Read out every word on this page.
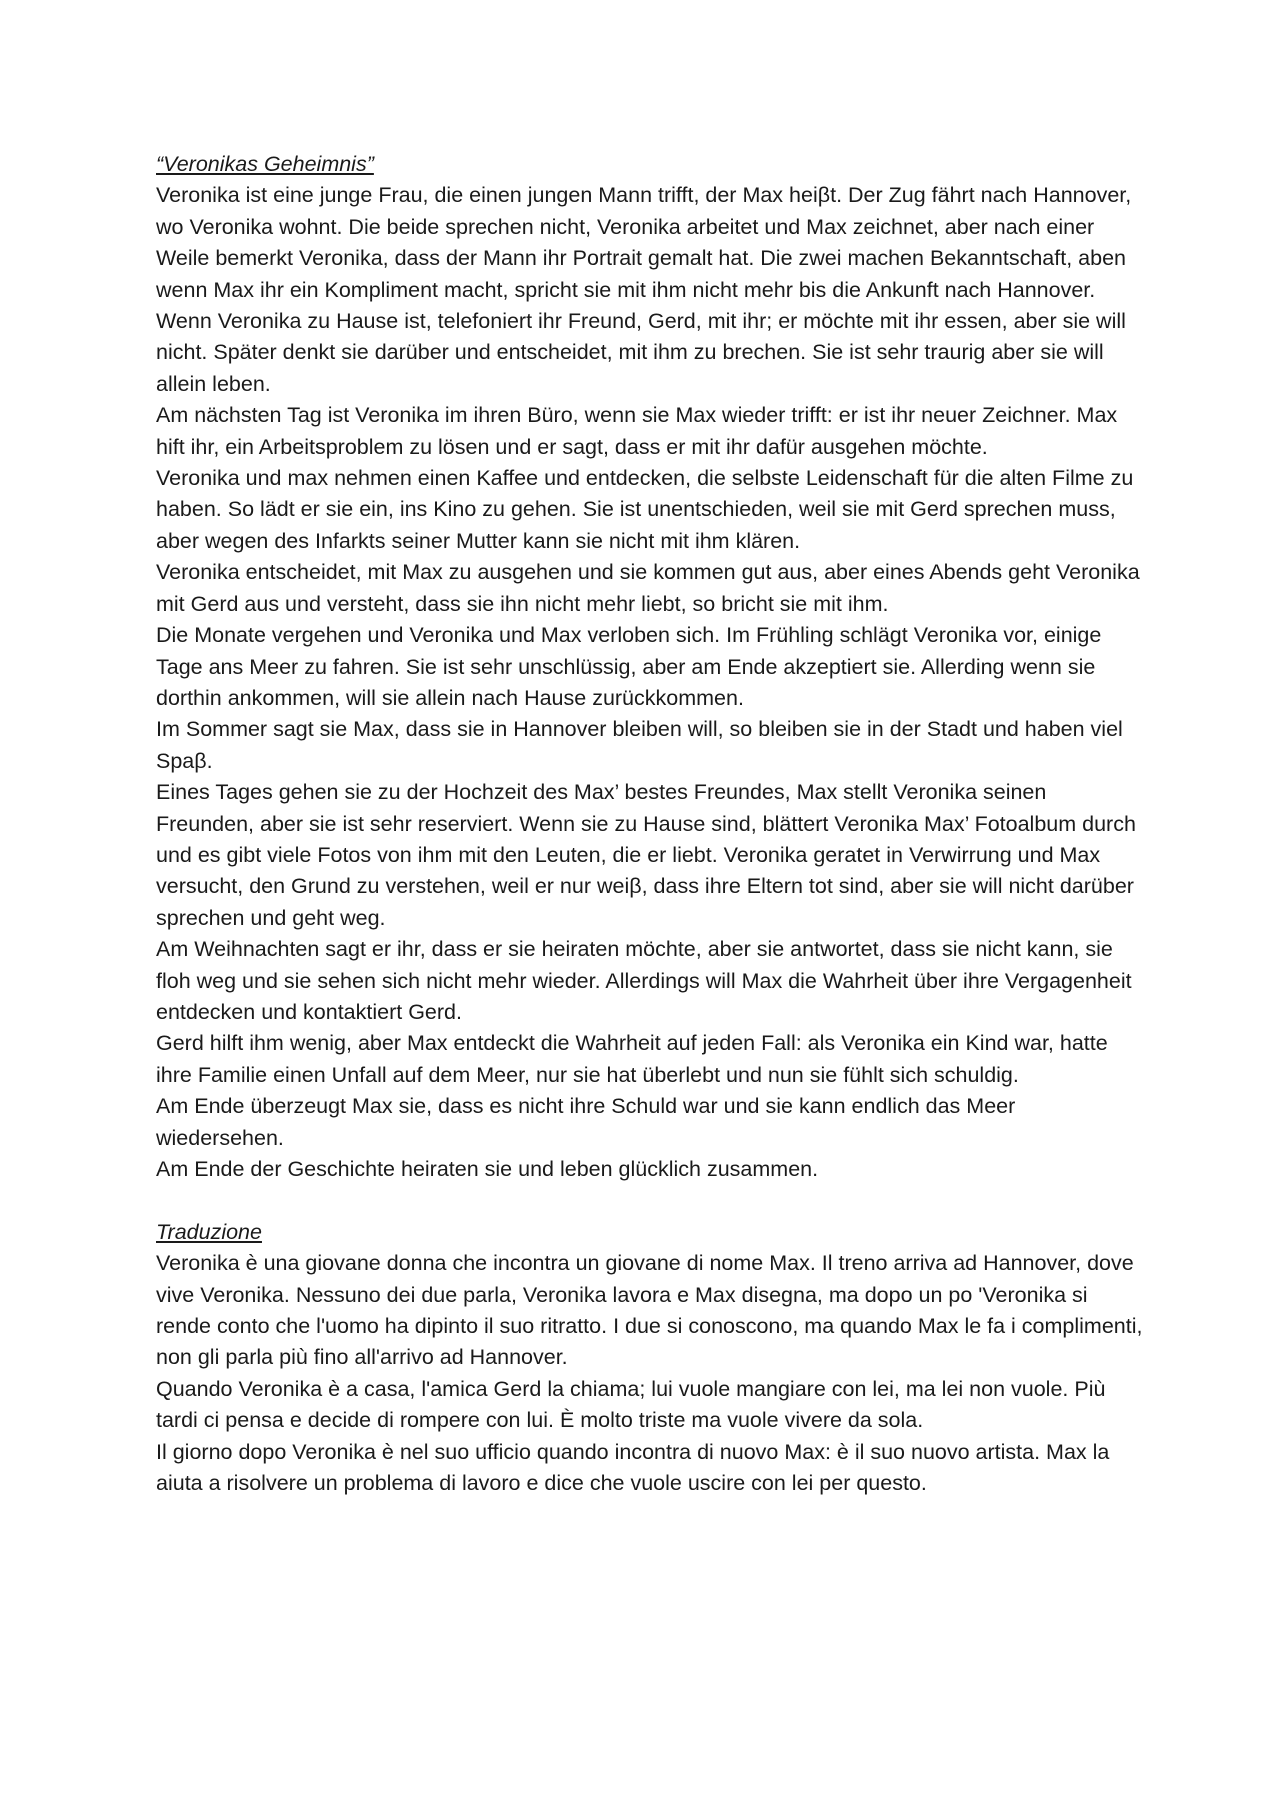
“Veronikas Geheimnis”

Veronika ist eine junge Frau, die einen jungen Mann trifft, der Max heiβt. Der Zug fährt nach Hannover, wo Veronika wohnt. Die beide sprechen nicht, Veronika arbeitet und Max zeichnet, aber nach einer Weile bemerkt Veronika, dass der Mann ihr Portrait gemalt hat. Die zwei machen Bekanntschaft, aben wenn Max ihr ein Kompliment macht, spricht sie mit ihm nicht mehr bis die Ankunft nach Hannover.

Wenn Veronika zu Hause ist, telefoniert ihr Freund, Gerd, mit ihr; er möchte mit ihr essen, aber sie will nicht. Später denkt sie darüber und entscheidet, mit ihm zu brechen. Sie ist sehr traurig aber sie will allein leben.

Am nächsten Tag ist Veronika im ihren Büro, wenn sie Max wieder trifft: er ist ihr neuer Zeichner. Max hift ihr, ein Arbeitsproblem zu lösen und er sagt, dass er mit ihr dafür ausgehen möchte.

Veronika und max nehmen einen Kaffee und entdecken, die selbste Leidenschaft für die alten Filme zu haben. So lädt er sie ein, ins Kino zu gehen. Sie ist unentschieden, weil sie mit Gerd sprechen muss, aber wegen des Infarkts seiner Mutter kann sie nicht mit ihm klären.

Veronika entscheidet, mit Max zu ausgehen und sie kommen gut aus, aber eines Abends geht Veronika mit Gerd aus und versteht, dass sie ihn nicht mehr liebt, so bricht sie mit ihm.

Die Monate vergehen und Veronika und Max verloben sich. Im Frühling schlägt Veronika vor, einige Tage ans Meer zu fahren. Sie ist sehr unschlüssig, aber am Ende akzeptiert sie. Allerding wenn sie dorthin ankommen, will sie allein nach Hause zurückkommen.

Im Sommer sagt sie Max, dass sie in Hannover bleiben will, so bleiben sie in der Stadt und haben viel Spaβ.

Eines Tages gehen sie zu der Hochzeit des Max’ bestes Freundes, Max stellt Veronika seinen Freunden, aber sie ist sehr reserviert. Wenn sie zu Hause sind, blättert Veronika Max’ Fotoalbum durch und es gibt viele Fotos von ihm mit den Leuten, die er liebt. Veronika geratet in Verwirrung und Max versucht, den Grund zu verstehen, weil er nur weiβ, dass ihre Eltern tot sind, aber sie will nicht darüber sprechen und geht weg.

Am Weihnachten sagt er ihr, dass er sie heiraten möchte, aber sie antwortet, dass sie nicht kann, sie floh weg und sie sehen sich nicht mehr wieder. Allerdings will Max die Wahrheit über ihre Vergagenheit entdecken und kontaktiert Gerd.

Gerd hilft ihm wenig, aber Max entdeckt die Wahrheit auf jeden Fall: als Veronika ein Kind war, hatte ihre Familie einen Unfall auf dem Meer, nur sie hat überlebt und nun sie fühlt sich schuldig.

Am Ende überzeugt Max sie, dass es nicht ihre Schuld war und sie kann endlich das Meer wiedersehen.

Am Ende der Geschichte heiraten sie und leben glücklich zusammen.

Traduzione

Veronika è una giovane donna che incontra un giovane di nome Max. Il treno arriva ad Hannover, dove vive Veronika. Nessuno dei due parla, Veronika lavora e Max disegna, ma dopo un po 'Veronika si rende conto che l'uomo ha dipinto il suo ritratto. I due si conoscono, ma quando Max le fa i complimenti, non gli parla più fino all'arrivo ad Hannover.

Quando Veronika è a casa, l'amica Gerd la chiama; lui vuole mangiare con lei, ma lei non vuole. Più tardi ci pensa e decide di rompere con lui. È molto triste ma vuole vivere da sola.

Il giorno dopo Veronika è nel suo ufficio quando incontra di nuovo Max: è il suo nuovo artista. Max la aiuta a risolvere un problema di lavoro e dice che vuole uscire con lei per questo.
